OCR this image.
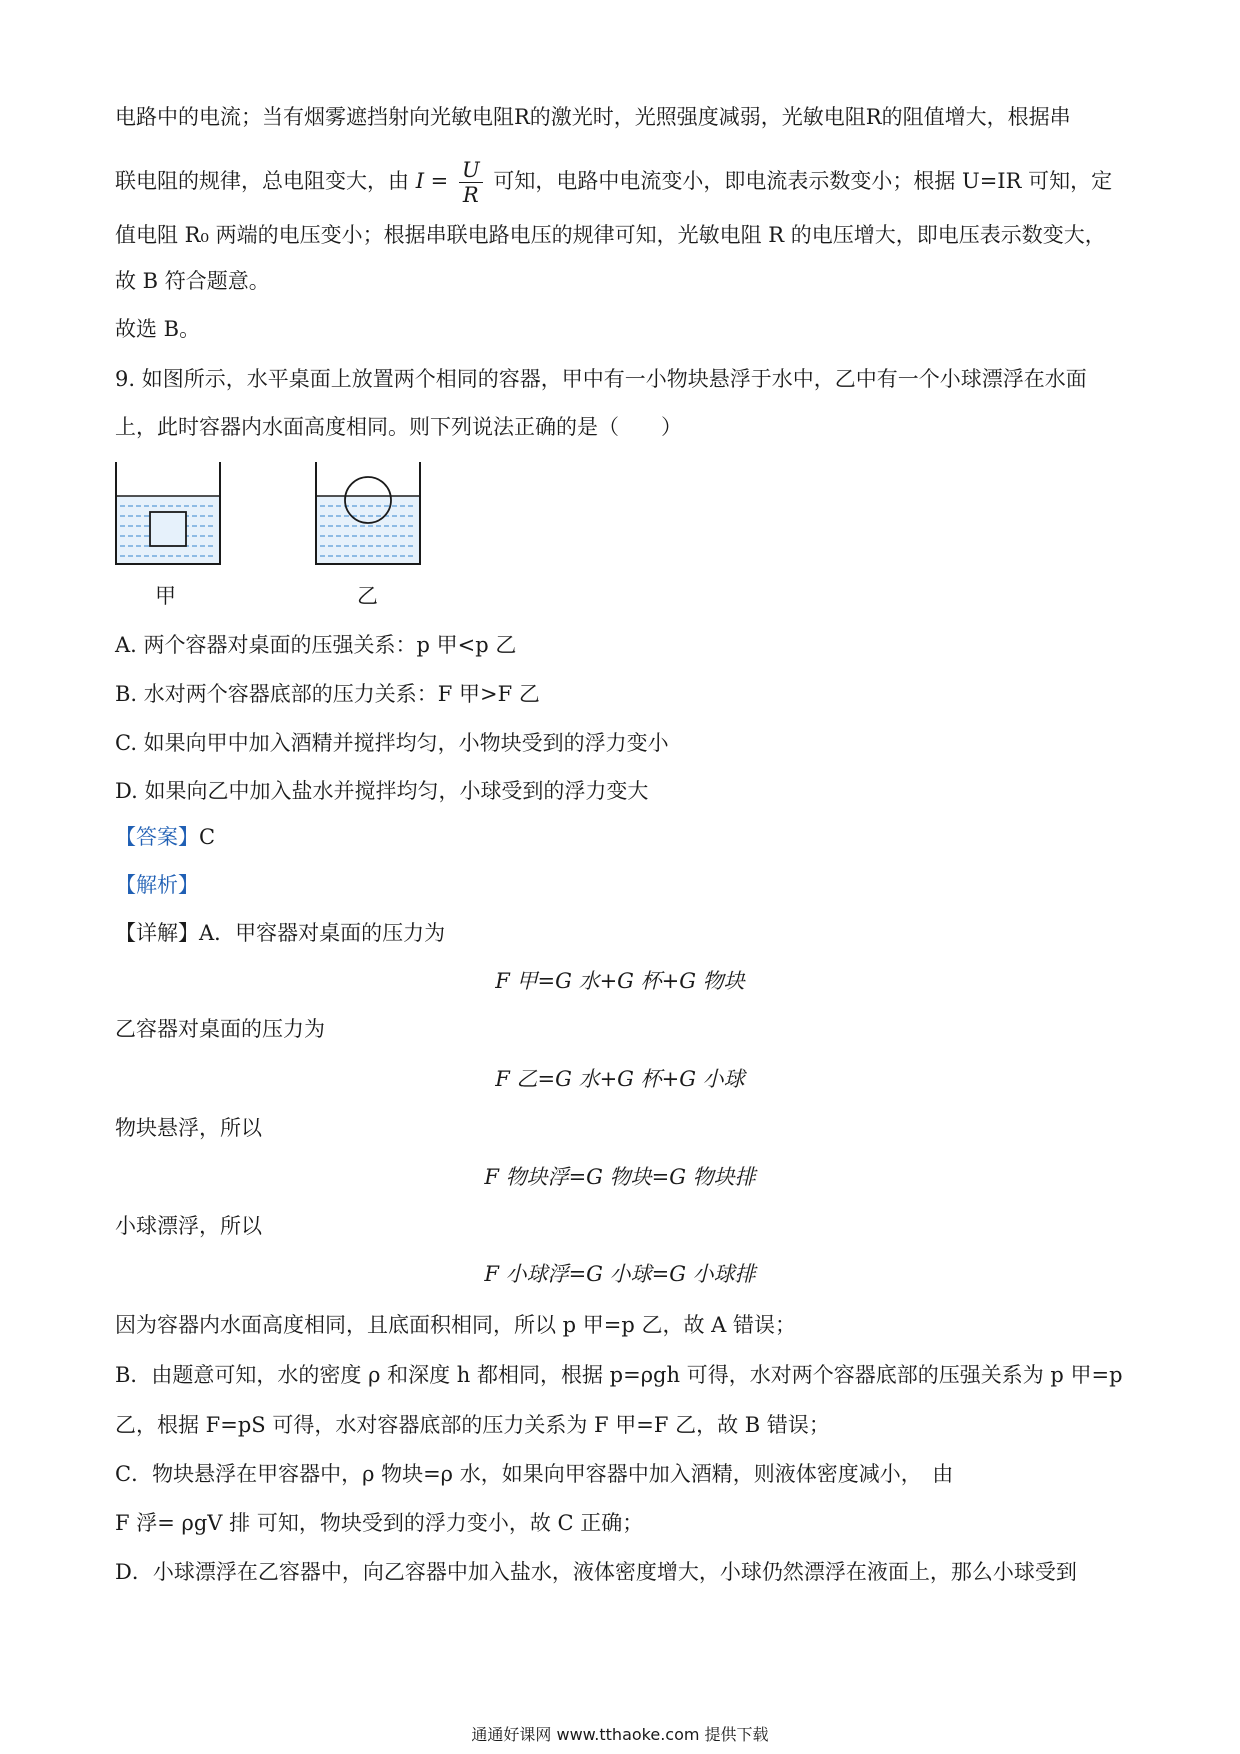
电路中的电流；当有烟雾遮挡射向光敏电阻R的激光时，光照强度减弱，光敏电阻R的阻值增大，根据串
联电阻的规律，总电阻变大，由 $I = \frac{U}{R}$ 可知，电路中电流变小，即电流表示数变小；根据 U=IR 可知，定
值电阻 R₀ 两端的电压变小；根据串联电路电压的规律可知，光敏电阻 R 的电压增大，即电压表示数变大，
故 B 符合题意。
故选 B。
9. 如图所示，水平桌面上放置两个相同的容器，甲中有一小物块悬浮于水中，乙中有一个小球漂浮在水面
上，此时容器内水面高度相同。则下列说法正确的是（　　）
甲	乙
A. 两个容器对桌面的压强关系：p 甲<p 乙
B. 水对两个容器底部的压力关系：F 甲>F 乙
C. 如果向甲中加入酒精并搅拌均匀，小物块受到的浮力变小
D. 如果向乙中加入盐水并搅拌均匀，小球受到的浮力变大
【答案】C
【解析】
【详解】A．甲容器对桌面的压力为
F 甲=G 水+G 杯+G 物块
乙容器对桌面的压力为
F 乙=G 水+G 杯+G 小球
物块悬浮，所以
F 物块浮=G 物块=G 物块排
小球漂浮，所以
F 小球浮=G 小球=G 小球排
因为容器内水面高度相同，且底面积相同，所以 p 甲=p 乙，故 A 错误；
B．由题意可知，水的密度 ρ 和深度 h 都相同，根据 p=ρgh 可得，水对两个容器底部的压强关系为 p 甲=p
乙，根据 F=pS 可得，水对容器底部的压力关系为 F 甲=F 乙，故 B 错误；
C．物块悬浮在甲容器中，ρ 物块=ρ 水，如果向甲容器中加入酒精，则液体密度减小，　由
F 浮= ρgV 排 可知，物块受到的浮力变小，故 C 正确；
D．小球漂浮在乙容器中，向乙容器中加入盐水，液体密度增大，小球仍然漂浮在液面上，那么小球受到
通通好课网 www.tthaoke.com 提供下载
